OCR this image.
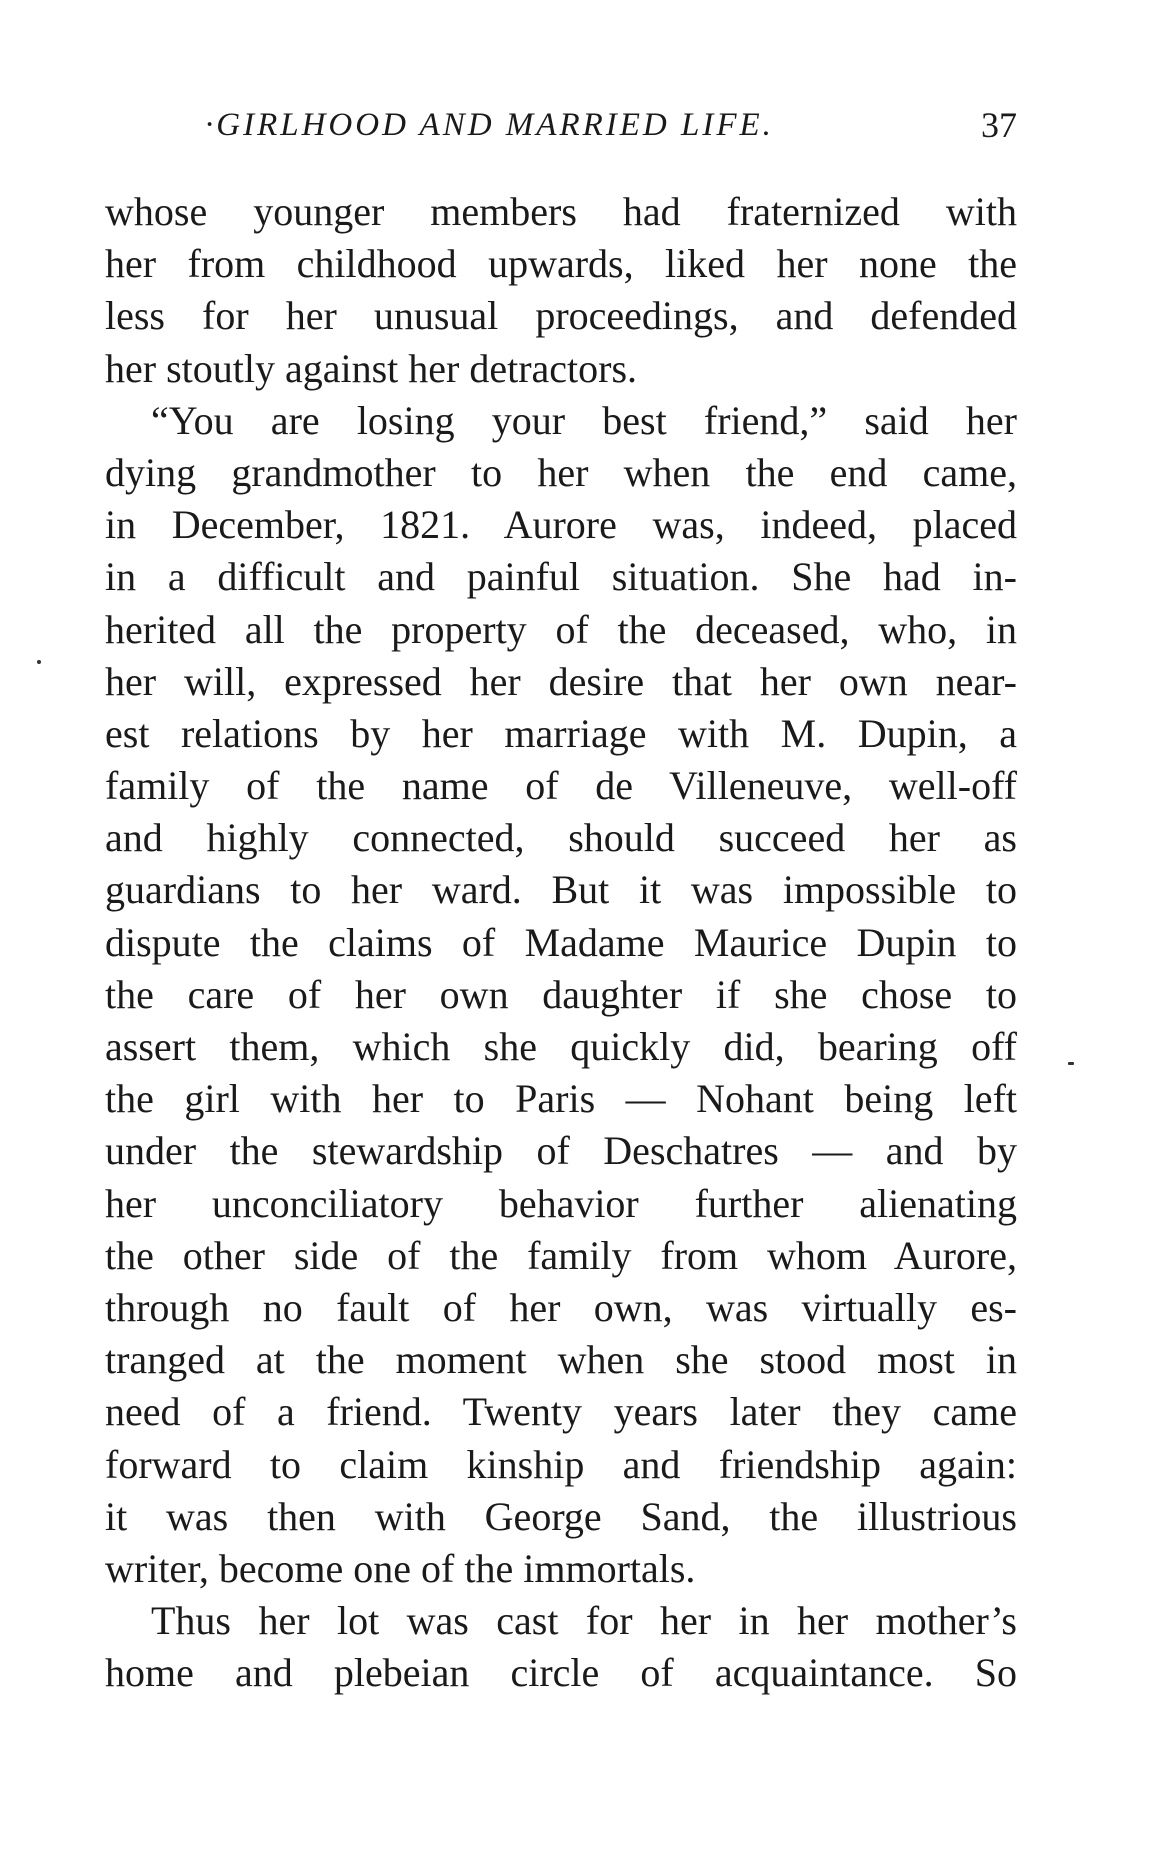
·GIRLHOOD AND MARRIED LIFE.	37
whose younger members had fraternized with
her from childhood upwards, liked her none the
less for her unusual proceedings, and defended
her stoutly against her detractors.
“You are losing your best friend,” said her
dying grandmother to her when the end came,
in December, 1821. Aurore was, indeed, placed
in a difficult and painful situation. She had in-
herited all the property of the deceased, who, in
her will, expressed her desire that her own near-
est relations by her marriage with M. Dupin, a
family of the name of de Villeneuve, well-off
and highly connected, should succeed her as
guardians to her ward. But it was impossible to
dispute the claims of Madame Maurice Dupin to
the care of her own daughter if she chose to
assert them, which she quickly did, bearing off
the girl with her to Paris — Nohant being left
under the stewardship of Deschatres — and by
her unconciliatory behavior further alienating
the other side of the family from whom Aurore,
through no fault of her own, was virtually es-
tranged at the moment when she stood most in
need of a friend. Twenty years later they came
forward to claim kinship and friendship again:
it was then with George Sand, the illustrious
writer, become one of the immortals.
Thus her lot was cast for her in her mother’s
home and plebeian circle of acquaintance. So
